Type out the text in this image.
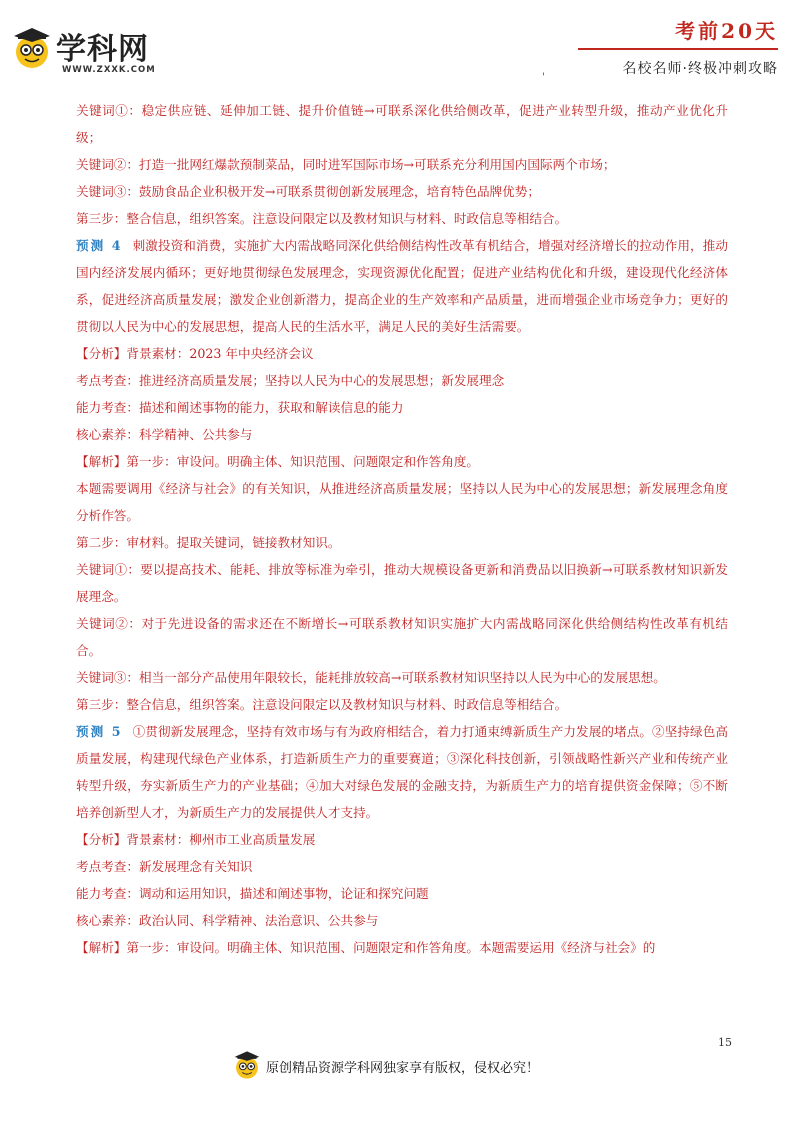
学科网
WWW.ZXXK.COM
考前20天
名校名师·终极冲刺攻略
'

关键词①：稳定供应链、延伸加工链、提升价值链→可联系深化供给侧改革，促进产业转型升级，推动产业优化升级；

关键词②：打造一批网红爆款预制菜品，同时进军国际市场→可联系充分利用国内国际两个市场；

关键词③：鼓励食品企业积极开发→可联系贯彻创新发展理念，培育特色品牌优势；

第三步：整合信息，组织答案。注意设问限定以及教材知识与材料、时政信息等相结合。

预测 4 刺激投资和消费，实施扩大内需战略同深化供给侧结构性改革有机结合，增强对经济增长的拉动作用，推动国内经济发展内循环；更好地贯彻绿色发展理念，实现资源优化配置；促进产业结构优化和升级，建设现代化经济体系，促进经济高质量发展；激发企业创新潜力，提高企业的生产效率和产品质量，进而增强企业市场竞争力；更好的贯彻以人民为中心的发展思想，提高人民的生活水平，满足人民的美好生活需要。

【分析】背景素材：2023 年中央经济会议

考点考查：推进经济高质量发展；坚持以人民为中心的发展思想；新发展理念

能力考查：描述和阐述事物的能力，获取和解读信息的能力

核心素养：科学精神、公共参与

【解析】第一步：审设问。明确主体、知识范围、问题限定和作答角度。

本题需要调用《经济与社会》的有关知识，从推进经济高质量发展；坚持以人民为中心的发展思想；新发展理念角度分析作答。

第二步：审材料。提取关键词，链接教材知识。

关键词①：要以提高技术、能耗、排放等标准为牵引，推动大规模设备更新和消费品以旧换新→可联系教材知识新发展理念。

关键词②：对于先进设备的需求还在不断增长→可联系教材知识实施扩大内需战略同深化供给侧结构性改革有机结合。

关键词③：相当一部分产品使用年限较长，能耗排放较高→可联系教材知识坚持以人民为中心的发展思想。

第三步：整合信息，组织答案。注意设问限定以及教材知识与材料、时政信息等相结合。

预测 5 ①贯彻新发展理念，坚持有效市场与有为政府相结合，着力打通束缚新质生产力发展的堵点。②坚持绿色高质量发展，构建现代绿色产业体系，打造新质生产力的重要赛道；③深化科技创新，引领战略性新兴产业和传统产业转型升级，夯实新质生产力的产业基础；④加大对绿色发展的金融支持，为新质生产力的培育提供资金保障；⑤不断培养创新型人才，为新质生产力的发展提供人才支持。

【分析】背景素材：柳州市工业高质量发展

考点考查：新发展理念有关知识

能力考查：调动和运用知识，描述和阐述事物，论证和探究问题

核心素养：政治认同、科学精神、法治意识、公共参与

【解析】第一步：审设问。明确主体、知识范围、问题限定和作答角度。本题需要运用《经济与社会》的

15
原创精品资源学科网独家享有版权，侵权必究！
